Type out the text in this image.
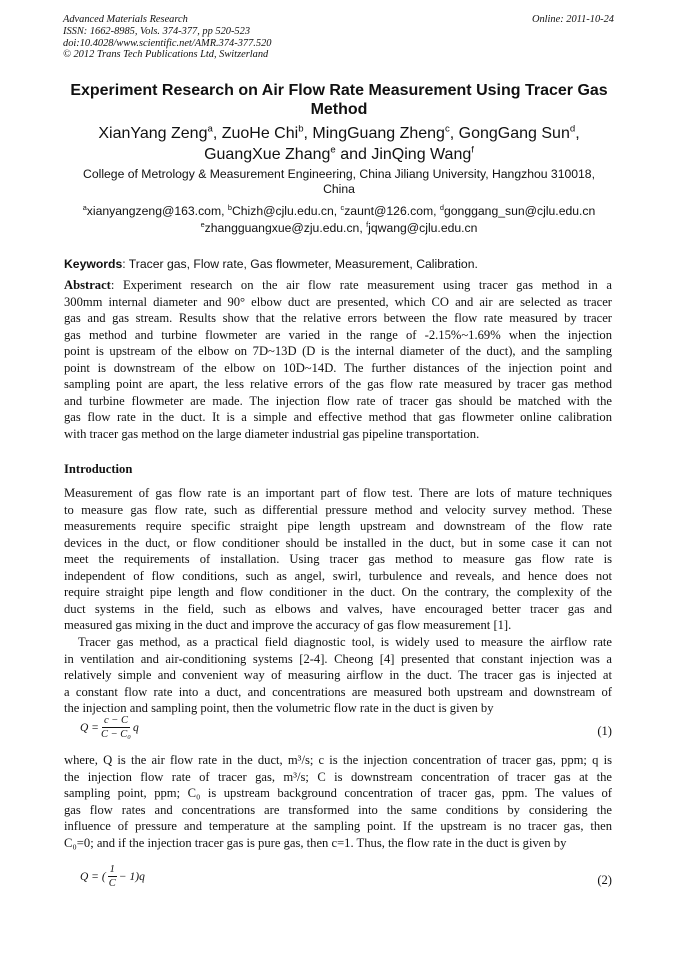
Advanced Materials Research
ISSN: 1662-8985, Vols. 374-377, pp 520-523
doi:10.4028/www.scientific.net/AMR.374-377.520
© 2012 Trans Tech Publications Ltd, Switzerland
Online: 2011-10-24
Experiment Research on Air Flow Rate Measurement Using Tracer Gas
Method
XianYang Zeng$^a$, ZuoHe Chi$^b$, MingGuang Zheng$^c$, GongGang Sun$^d$,
GuangXue Zhang$^e$ and JinQing Wang$^f$
College of Metrology & Measurement Engineering, China Jiliang University, Hangzhou 310018,
China
$^a$xianyangzeng@163.com, $^b$Chizh@cjlu.edu.cn, $^c$zaunt@126.com, $^d$gonggang_sun@cjlu.edu.cn
$^e$zhangguangxue@zju.edu.cn, $^f$jqwang@cjlu.edu.cn
Keywords: Tracer gas, Flow rate, Gas flowmeter, Measurement, Calibration.
Abstract: Experiment research on the air flow rate measurement using tracer gas method in a
300mm internal diameter and 90° elbow duct are presented, which CO and air are selected as tracer
gas and gas stream. Results show that the relative errors between the flow rate measured by tracer
gas method and turbine flowmeter are varied in the range of -2.15%~1.69% when the injection
point is upstream of the elbow on 7D~13D (D is the internal diameter of the duct), and the sampling
point is downstream of the elbow on 10D~14D. The further distances of the injection point and
sampling point are apart, the less relative errors of the gas flow rate measured by tracer gas method
and turbine flowmeter are made. The injection flow rate of tracer gas should be matched with the
gas flow rate in the duct. It is a simple and effective method that gas flowmeter online calibration
with tracer gas method on the large diameter industrial gas pipeline transportation.
Introduction
Measurement of gas flow rate is an important part of flow test. There are lots of mature techniques
to measure gas flow rate, such as differential pressure method and velocity survey method. These
measurements require specific straight pipe length upstream and downstream of the flow rate
devices in the duct, or flow conditioner should be installed in the duct, but in some case it can not
meet the requirements of installation. Using tracer gas method to measure gas flow rate is
independent of flow conditions, such as angel, swirl, turbulence and reveals, and hence does not
require straight pipe length and flow conditioner in the duct. On the contrary, the complexity of the
duct systems in the field, such as elbows and valves, have encouraged better tracer gas and
measured gas mixing in the duct and improve the accuracy of gas flow measurement [1].
Tracer gas method, as a practical field diagnostic tool, is widely used to measure the airflow rate
in ventilation and air-conditioning systems [2-4]. Cheong [4] presented that constant injection was a
relatively simple and convenient way of measuring airflow in the duct. The tracer gas is injected at
a constant flow rate into a duct, and concentrations are measured both upstream and downstream of
the injection and sampling point, then the volumetric flow rate in the duct is given by
$Q = \frac{c - C}{\text{C − C₀}}$ q	(1)
where, Q is the air flow rate in the duct, m³/s; c is the injection concentration of tracer gas, ppm; q is
the injection flow rate of tracer gas, m³/s; C is downstream concentration of tracer gas at the
sampling point, ppm; C₀ is upstream background concentration of tracer gas, ppm. The values of
gas flow rates and concentrations are transformed into the same conditions by considering the
influence of pressure and temperature at the sampling point. If the upstream is no tracer gas, then
C₀=0; and if the injection tracer gas is pure gas, then c=1. Thus, the flow rate in the duct is given by
Q = ( $\frac{1}{C} - 1)q$	(2)
